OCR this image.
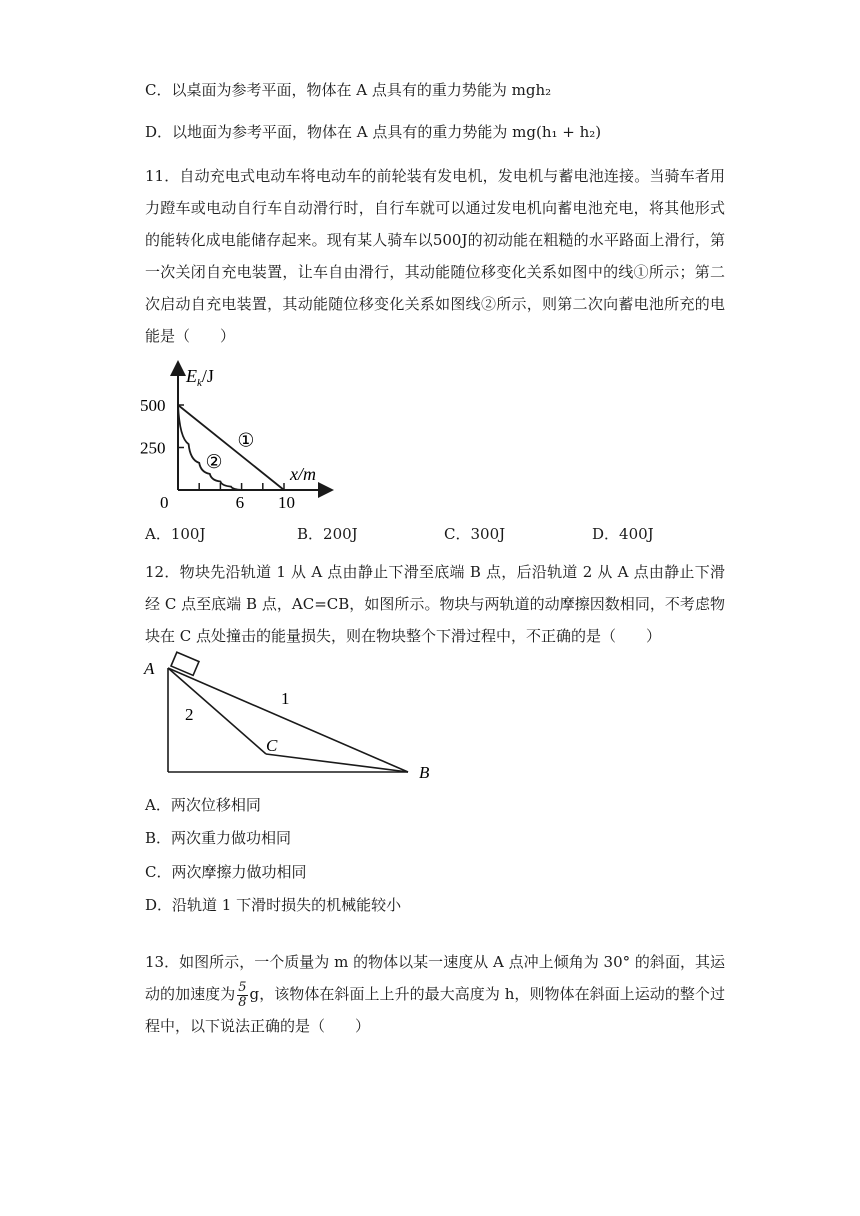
C．以桌面为参考平面，物体在 A 点具有的重力势能为 mgh₂
D．以地面为参考平面，物体在 A 点具有的重力势能为 mg(h₁ + h₂)
11．自动充电式电动车将电动车的前轮装有发电机，发电机与蓄电池连接。当骑车者用力蹬车或电动自行车自动滑行时，自行车就可以通过发电机向蓄电池充电，将其他形式的能转化成电能储存起来。现有某人骑车以500J的初动能在粗糙的水平路面上滑行，第一次关闭自充电装置，让车自由滑行，其动能随位移变化关系如图中的线①所示；第二次启动自充电装置，其动能随位移变化关系如图线②所示，则第二次向蓄电池所充的电能是（　　）
0	6 10
250
500
①
②
$E_k/J$
x/m
A．100J	B．200J	C．300J	D．400J
12．物块先沿轨道 1 从 A 点由静止下滑至底端 B 点，后沿轨道 2 从 A 点由静止下滑经 C 点至底端 B 点，AC=CB，如图所示。物块与两轨道的动摩擦因数相同，不考虑物块在 C 点处撞击的能量损失，则在物块整个下滑过程中，不正确的是（　　）
A
B
C
1
2
A．两次位移相同
B．两次重力做功相同
C．两次摩擦力做功相同
D．沿轨道 1 下滑时损失的机械能较小
13．如图所示，一个质量为 m 的物体以某一速度从 A 点冲上倾角为 30° 的斜面，其运动的加速度为 $\frac{5}{8}$ g，该物体在斜面上上升的最大高度为 h，则物体在斜面上运动的整个过程中，以下说法正确的是（　　）
